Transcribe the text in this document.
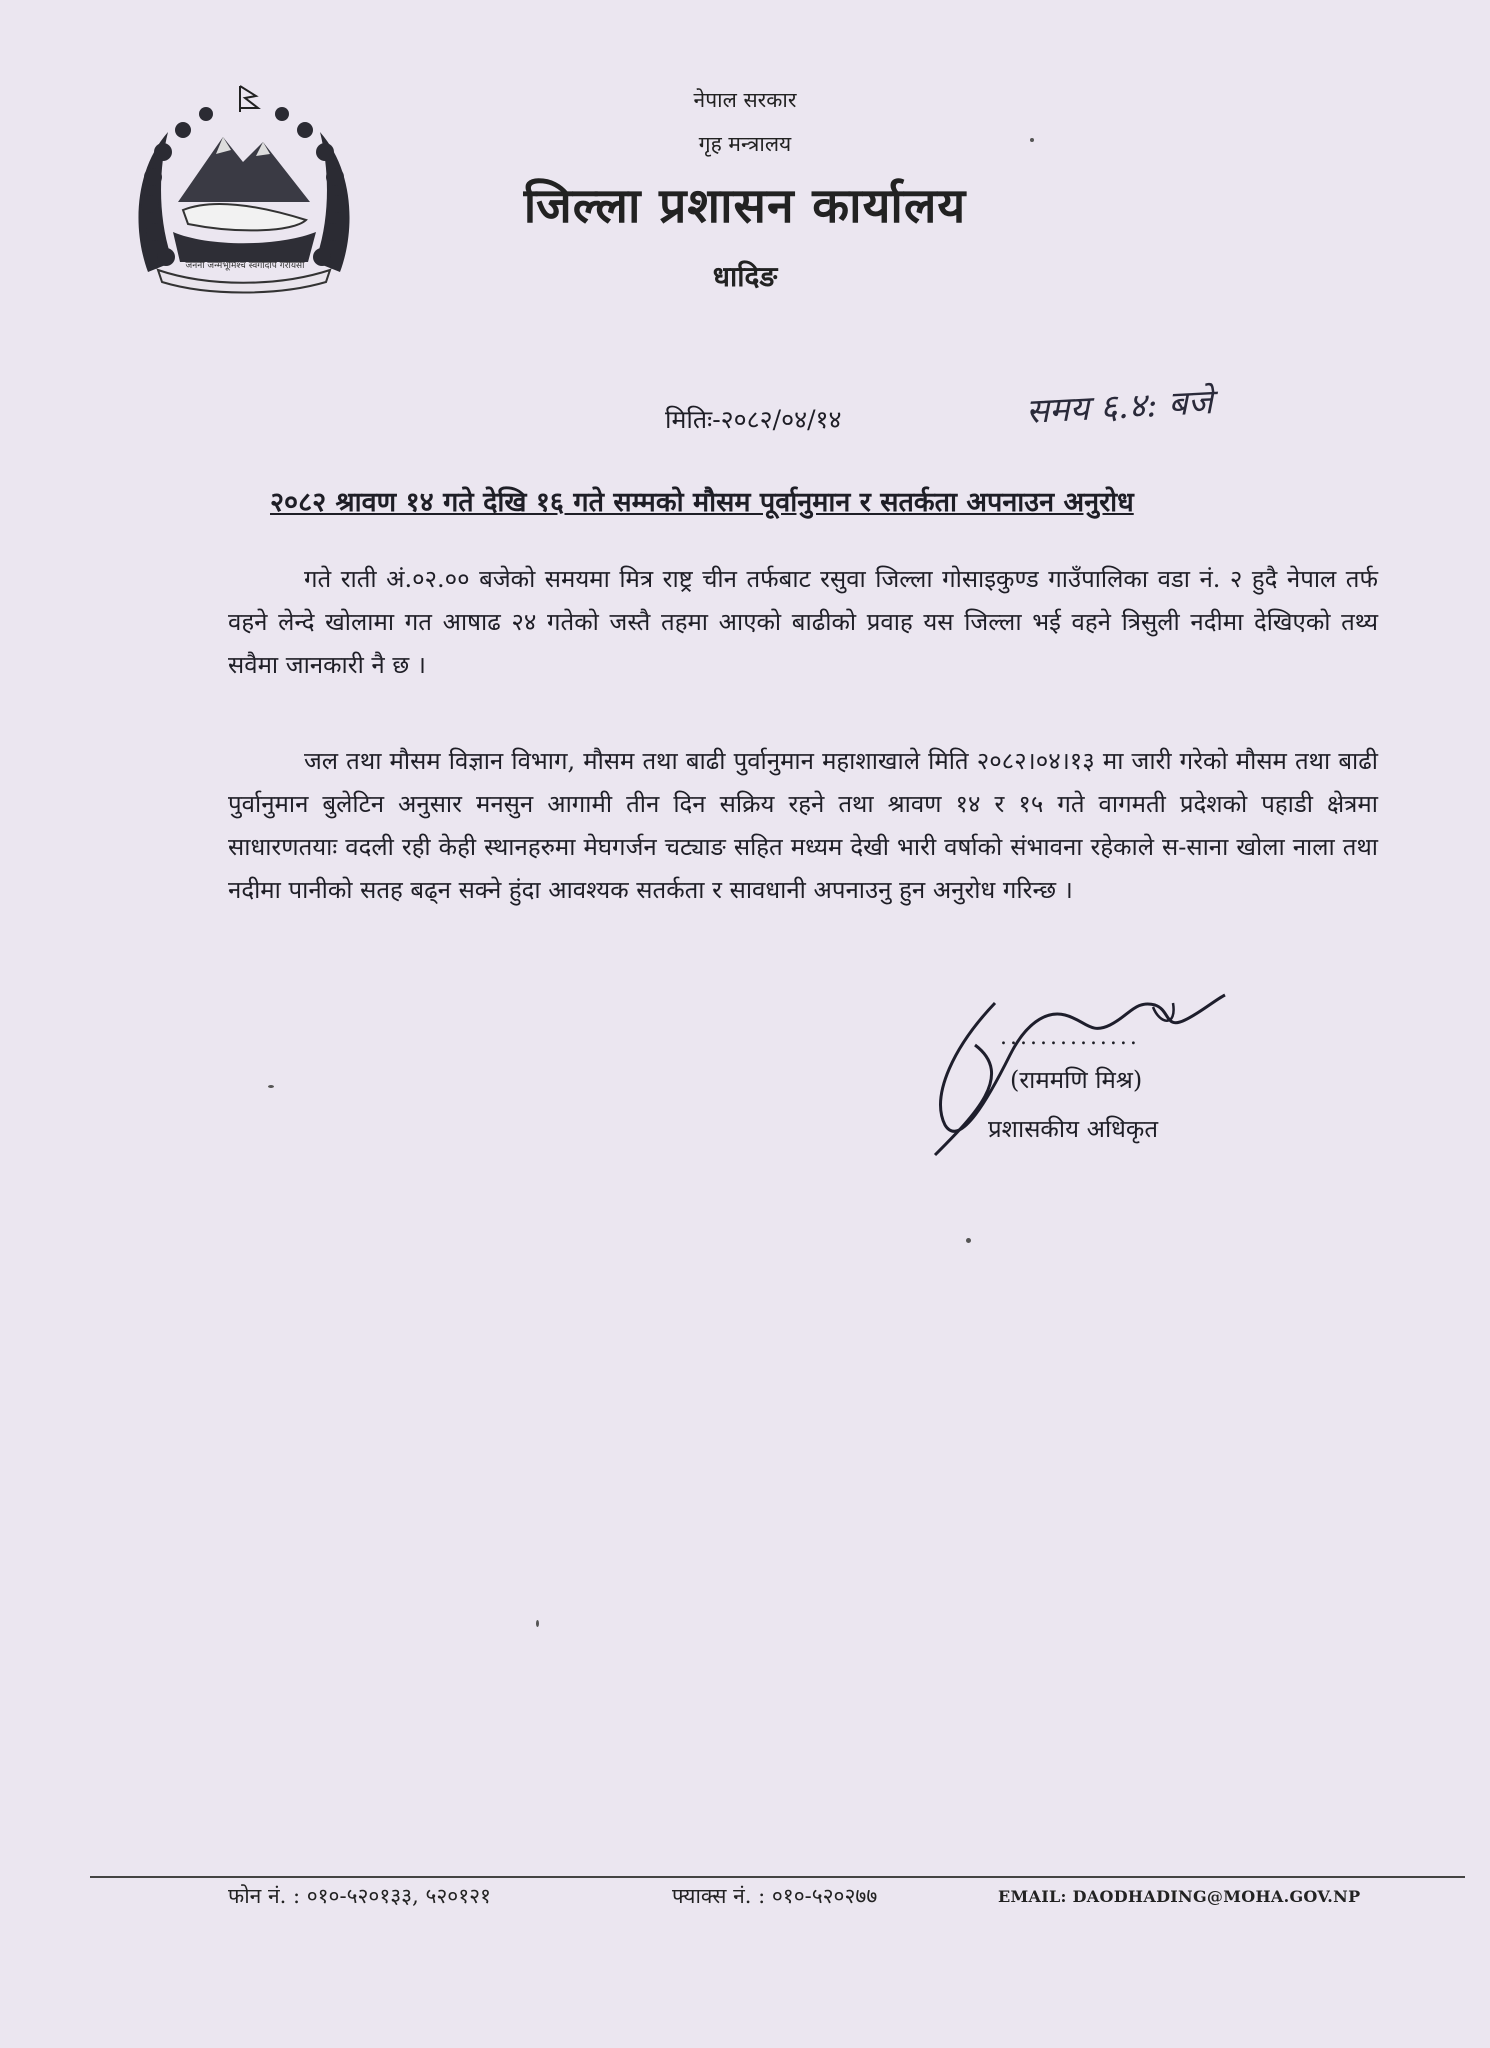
जननी जन्मभूमिश्च स्वर्गादपि गरीयसी
नेपाल सरकार
गृह मन्त्रालय
जिल्ला प्रशासन कार्यालय
धादिङ
मितिः-२०८२/०४/१४	समय ६.४: बजे
२०८२ श्रावण १४ गते देखि १६ गते सम्मको मौसम पूर्वानुमान र सतर्कता अपनाउन अनुरोध
गते राती अं.०२.०० बजेको समयमा मित्र राष्ट्र चीन तर्फबाट रसुवा जिल्ला गोसाइकुण्ड गाउँपालिका वडा नं. २ हुदै नेपाल तर्फ वहने लेन्दे खोलामा गत आषाढ २४ गतेको जस्तै तहमा आएको बाढीको प्रवाह यस जिल्ला भई वहने त्रिसुली नदीमा देखिएको तथ्य सवैमा जानकारी नै छ ।
जल तथा मौसम विज्ञान विभाग, मौसम तथा बाढी पुर्वानुमान महाशाखाले मिति २०८२।०४।१३ मा जारी गरेको मौसम तथा बाढी पुर्वानुमान बुलेटिन अनुसार मनसुन आगामी तीन दिन सक्रिय रहने तथा श्रावण १४ र १५ गते वागमती प्रदेशको पहाडी क्षेत्रमा साधारणतयाः वदली रही केही स्थानहरुमा मेघगर्जन चट्याङ सहित मध्यम देखी भारी वर्षाको संभावना रहेकाले स-साना खोला नाला तथा नदीमा पानीको सतह बढ्न सक्ने हुंदा आवश्यक सतर्कता र सावधानी अपनाउनु हुन अनुरोध गरिन्छ ।
..............
(राममणि मिश्र)
प्रशासकीय अधिकृत
फोन नं. : ०१०-५२०१३३, ५२०१२१	फ्याक्स नं. : ०१०-५२०२७७	EMAIL: DAODHADING@MOHA.GOV.NP
